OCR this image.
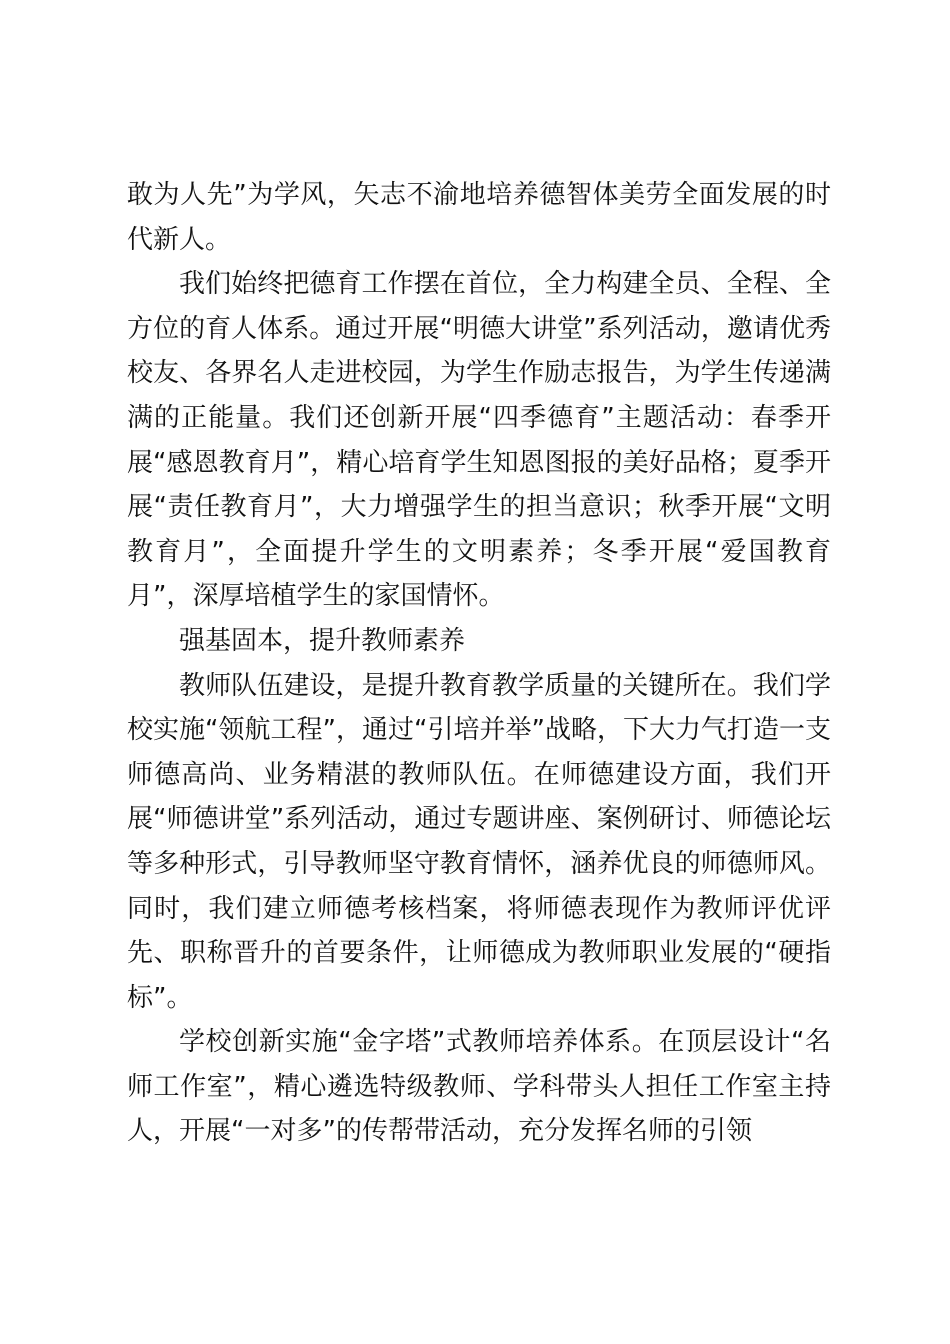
敢为人先”为学风，矢志不渝地培养德智体美劳全面发展的时代新人。

我们始终把德育工作摆在首位，全力构建全员、全程、全方位的育人体系。通过开展“明德大讲堂”系列活动，邀请优秀校友、各界名人走进校园，为学生作励志报告，为学生传递满满的正能量。我们还创新开展“四季德育”主题活动：春季开展“感恩教育月”，精心培育学生知恩图报的美好品格；夏季开展“责任教育月”，大力增强学生的担当意识；秋季开展“文明教育月”，全面提升学生的文明素养；冬季开展“爱国教育月”，深厚培植学生的家国情怀。

强基固本，提升教师素养

教师队伍建设，是提升教育教学质量的关键所在。我们学校实施“领航工程”，通过“引培并举”战略，下大力气打造一支师德高尚、业务精湛的教师队伍。在师德建设方面，我们开展“师德讲堂”系列活动，通过专题讲座、案例研讨、师德论坛等多种形式，引导教师坚守教育情怀，涵养优良的师德师风。同时，我们建立师德考核档案，将师德表现作为教师评优评先、职称晋升的首要条件，让师德成为教师职业发展的“硬指标”。

学校创新实施“金字塔”式教师培养体系。在顶层设计“名师工作室”，精心遴选特级教师、学科带头人担任工作室主持人，开展“一对多”的传帮带活动，充分发挥名师的引领
